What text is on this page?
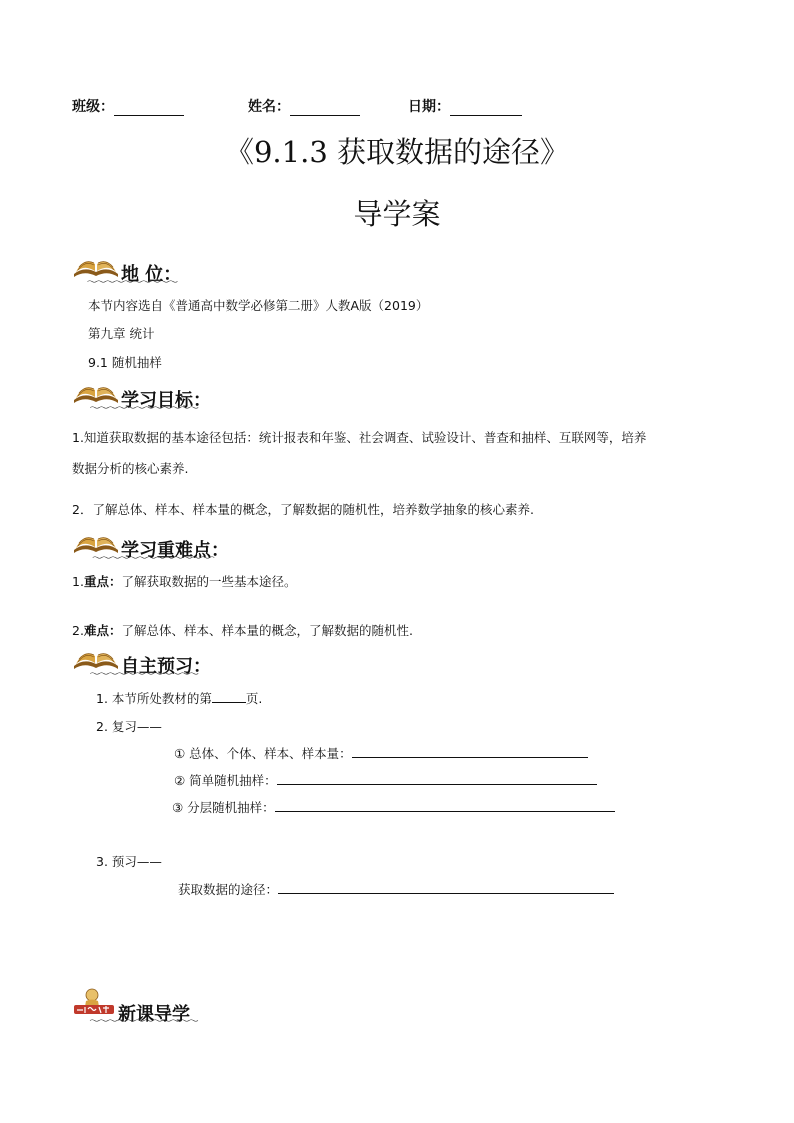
班级：	姓名：	日期：
《9.1.3 获取数据的途径》
导学案
地 位：
本节内容选自《普通高中数学必修第二册》人教A版（2019）
第九章 统计
9.1 随机抽样
学习目标：
1.知道获取数据的基本途径包括：统计报表和年鉴、社会调查、试验设计、普查和抽样、互联网等，培养
数据分析的核心素养.
2．了解总体、样本、样本量的概念，了解数据的随机性，培养数学抽象的核心素养.
学习重难点：
1.重点：了解获取数据的一些基本途径。
2.难点：了解总体、样本、样本量的概念，了解数据的随机性.
自主预习：
1. 本节所处教材的第	页.
2. 复习——
① 总体、个体、样本、样本量：
② 简单随机抽样：
③ 分层随机抽样：
3. 预习——
获取数据的途径：
新课导学
